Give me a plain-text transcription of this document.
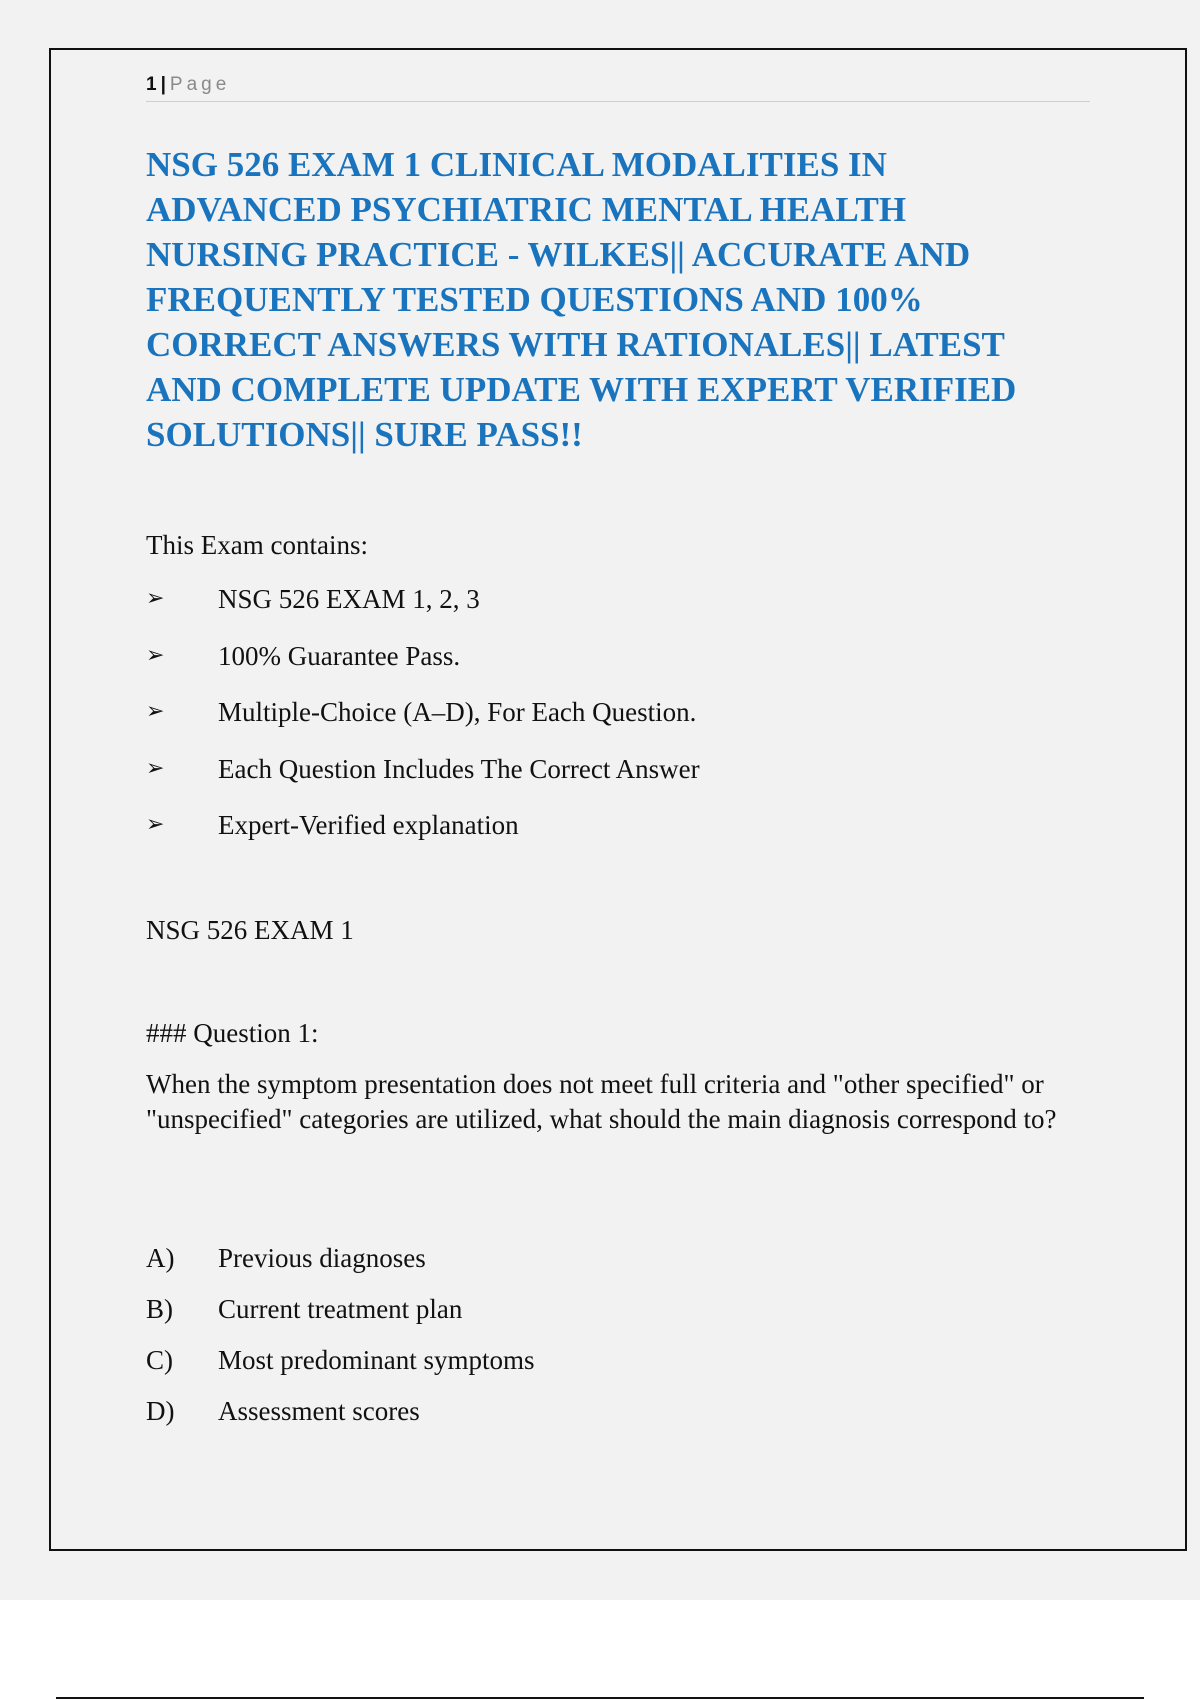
1 | Page
NSG 526 EXAM 1 CLINICAL MODALITIES IN
ADVANCED PSYCHIATRIC MENTAL HEALTH
NURSING PRACTICE - WILKES|| ACCURATE AND
FREQUENTLY TESTED QUESTIONS AND 100%
CORRECT ANSWERS WITH RATIONALES|| LATEST
AND COMPLETE UPDATE WITH EXPERT VERIFIED
SOLUTIONS|| SURE PASS!!
This Exam contains:
➢	NSG 526 EXAM 1, 2, 3
➢	100% Guarantee Pass.
➢	Multiple-Choice (A–D), For Each Question.
➢	Each Question Includes The Correct Answer
➢	Expert-Verified explanation
NSG 526 EXAM 1
### Question 1:
When the symptom presentation does not meet full criteria and "other specified" or "unspecified" categories are utilized, what should the main diagnosis correspond to?
A)	Previous diagnoses
B)	Current treatment plan
C)	Most predominant symptoms
D)	Assessment scores
